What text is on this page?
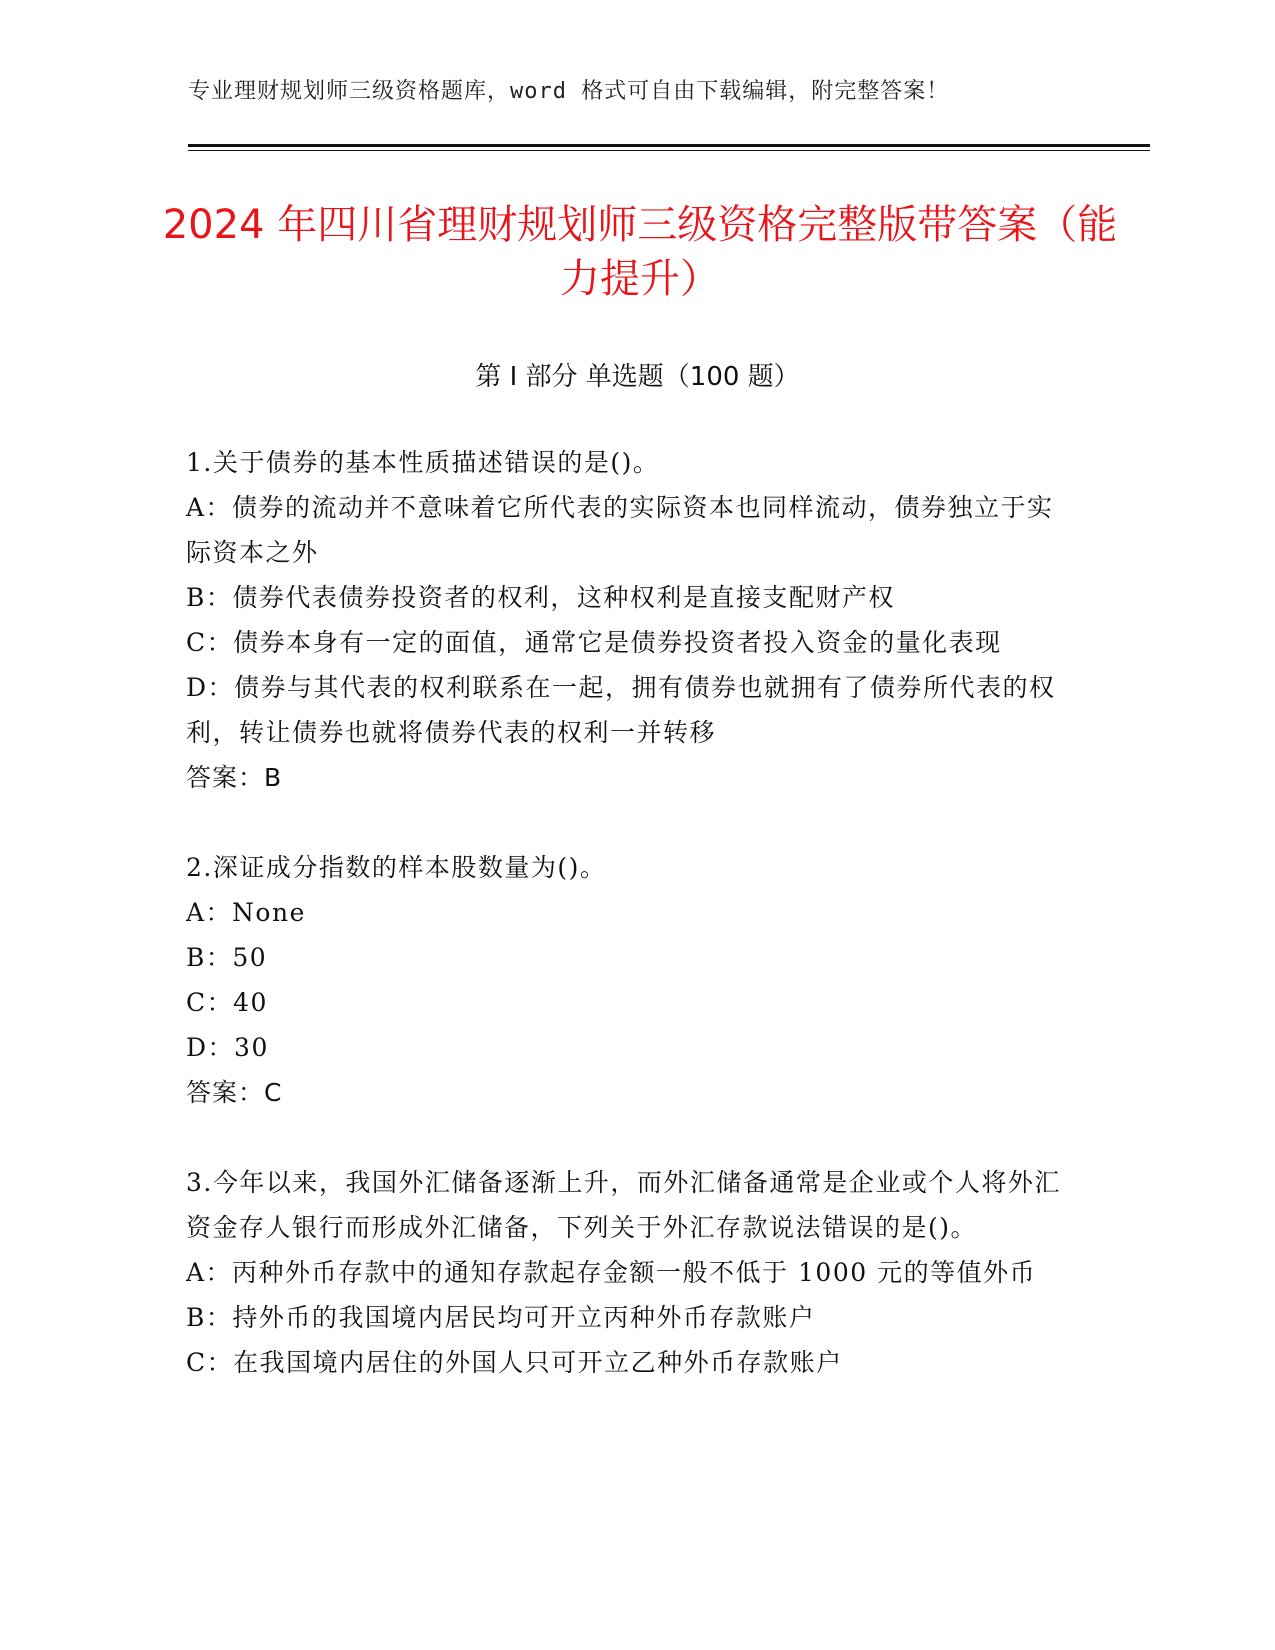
专业理财规划师三级资格题库，word 格式可自由下载编辑，附完整答案！
2024 年四川省理财规划师三级资格完整版带答案（能力提升）
第 I 部分 单选题（100 题）

1.关于债券的基本性质描述错误的是()。

A：债券的流动并不意味着它所代表的实际资本也同样流动，债券独立于实际资本之外

B：债券代表债券投资者的权利，这种权利是直接支配财产权

C：债券本身有一定的面值，通常它是债券投资者投入资金的量化表现

D：债券与其代表的权利联系在一起，拥有债券也就拥有了债券所代表的权利，转让债券也就将债券代表的权利一并转移

答案：B

2.深证成分指数的样本股数量为()。

A：None

B：50

C：40

D：30

答案：C

3.今年以来，我国外汇储备逐渐上升，而外汇储备通常是企业或个人将外汇资金存人银行而形成外汇储备，下列关于外汇存款说法错误的是()。

A：丙种外币存款中的通知存款起存金额一般不低于 1000 元的等值外币

B：持外币的我国境内居民均可开立丙种外币存款账户

C：在我国境内居住的外国人只可开立乙种外币存款账户
